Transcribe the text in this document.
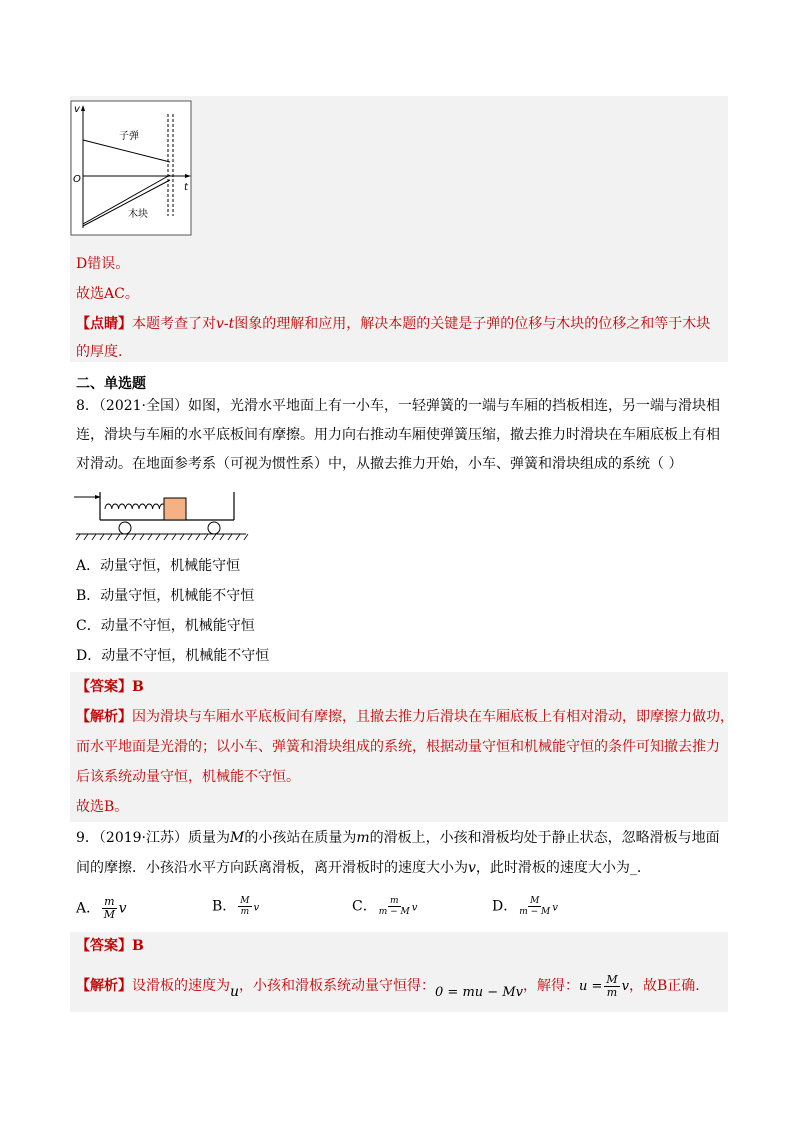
v
t
O
子弹
木块
D错误。
故选AC。
【点睛】本题考查了对v-t图象的理解和应用，解决本题的关键是子弹的位移与木块的位移之和等于木块
的厚度.
二、单选题
8．（2021·全国）如图，光滑水平地面上有一小车，一轻弹簧的一端与车厢的挡板相连，另一端与滑块相
连，滑块与车厢的水平底板间有摩擦。用力向右推动车厢使弹簧压缩，撤去推力时滑块在车厢底板上有相
对滑动。在地面参考系（可视为惯性系）中，从撤去推力开始，小车、弹簧和滑块组成的系统（ ）
A．动量守恒，机械能守恒
B．动量守恒，机械能不守恒
C．动量不守恒，机械能守恒
D．动量不守恒，机械能不守恒
【答案】B
【解析】因为滑块与车厢水平底板间有摩擦，且撤去推力后滑块在车厢底板上有相对滑动，即摩擦力做功，
而水平地面是光滑的；以小车、弹簧和滑块组成的系统，根据动量守恒和机械能守恒的条件可知撤去推力
后该系统动量守恒，机械能不守恒。
故选B。
9．（2019·江苏）质量为M的小孩站在质量为m的滑板上，小孩和滑板均处于静止状态，忽略滑板与地面
间的摩擦．小孩沿水平方向跃离滑板，离开滑板时的速度大小为v，此时滑板的速度大小为_.
A． $\frac{m}{M}$ v	B． $\frac{M}{m}$ v	C． $\frac{m}{m - M}$ v	D． $\frac{M}{m - M}$ v
【答案】B
【解析】设滑板的速度为u，小孩和滑板系统动量守恒得：0 = mu − Mv，解得：$u = \frac{M}{m}$ v，故B正确.
